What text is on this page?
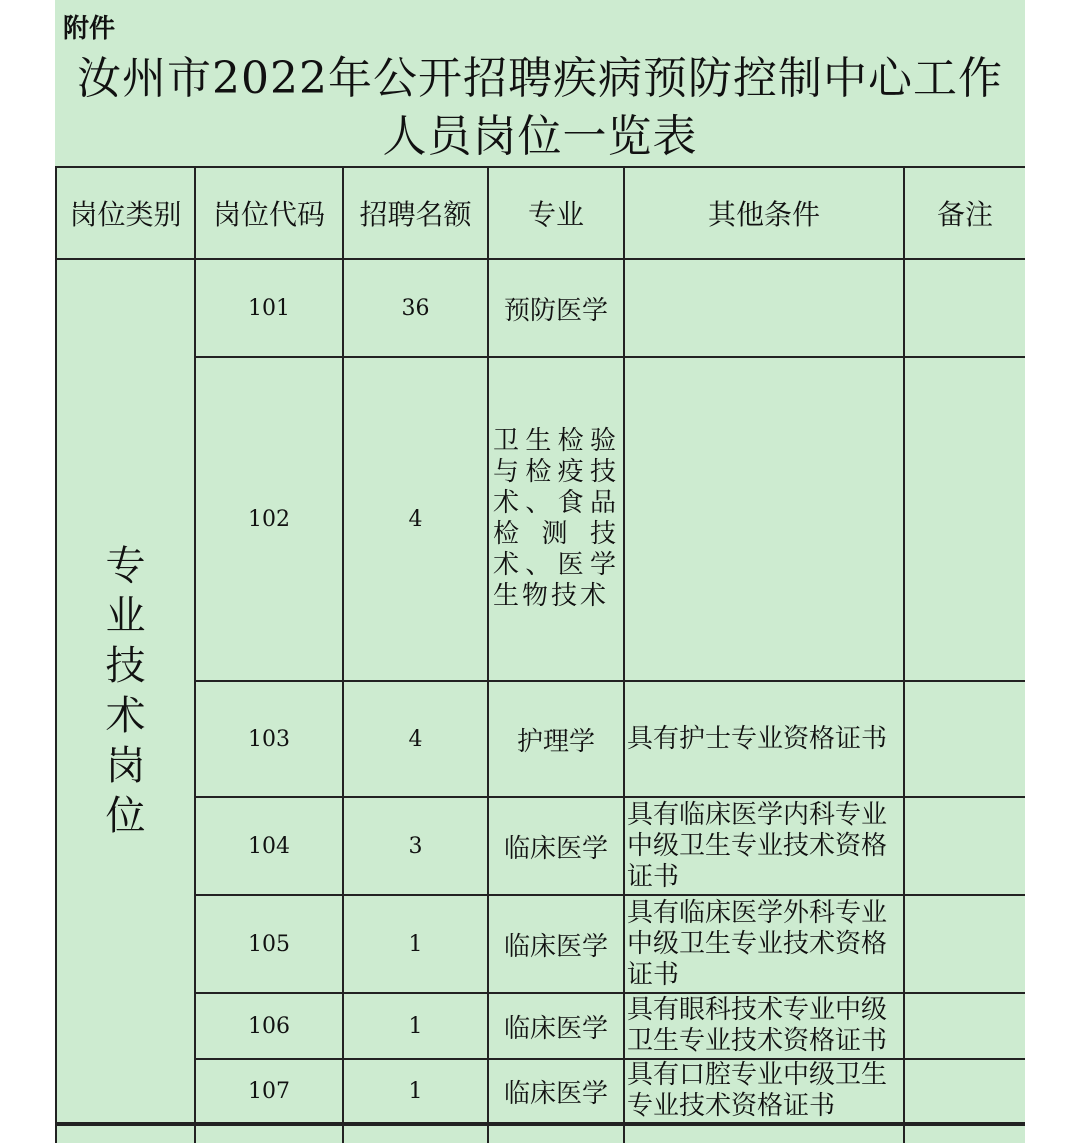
附件
汝州市2022年公开招聘疾病预防控制中心工作人员岗位一览表
岗位类别	岗位代码	招聘名额	专业	其他条件	备注

专业技术岗位	101	36	预防医学		
	102	4	卫生检验与检疫技术、食品检测技术、医学生物技术		
	103	4	护理学	具有护士专业资格证书	
	104	3	临床医学	具有临床医学内科专业中级卫生专业技术资格证书	
	105	1	临床医学	具有临床医学外科专业中级卫生专业技术资格证书	
	106	1	临床医学	具有眼科技术专业中级卫生专业技术资格证书	
	107	1	临床医学	具有口腔专业中级卫生专业技术资格证书	
